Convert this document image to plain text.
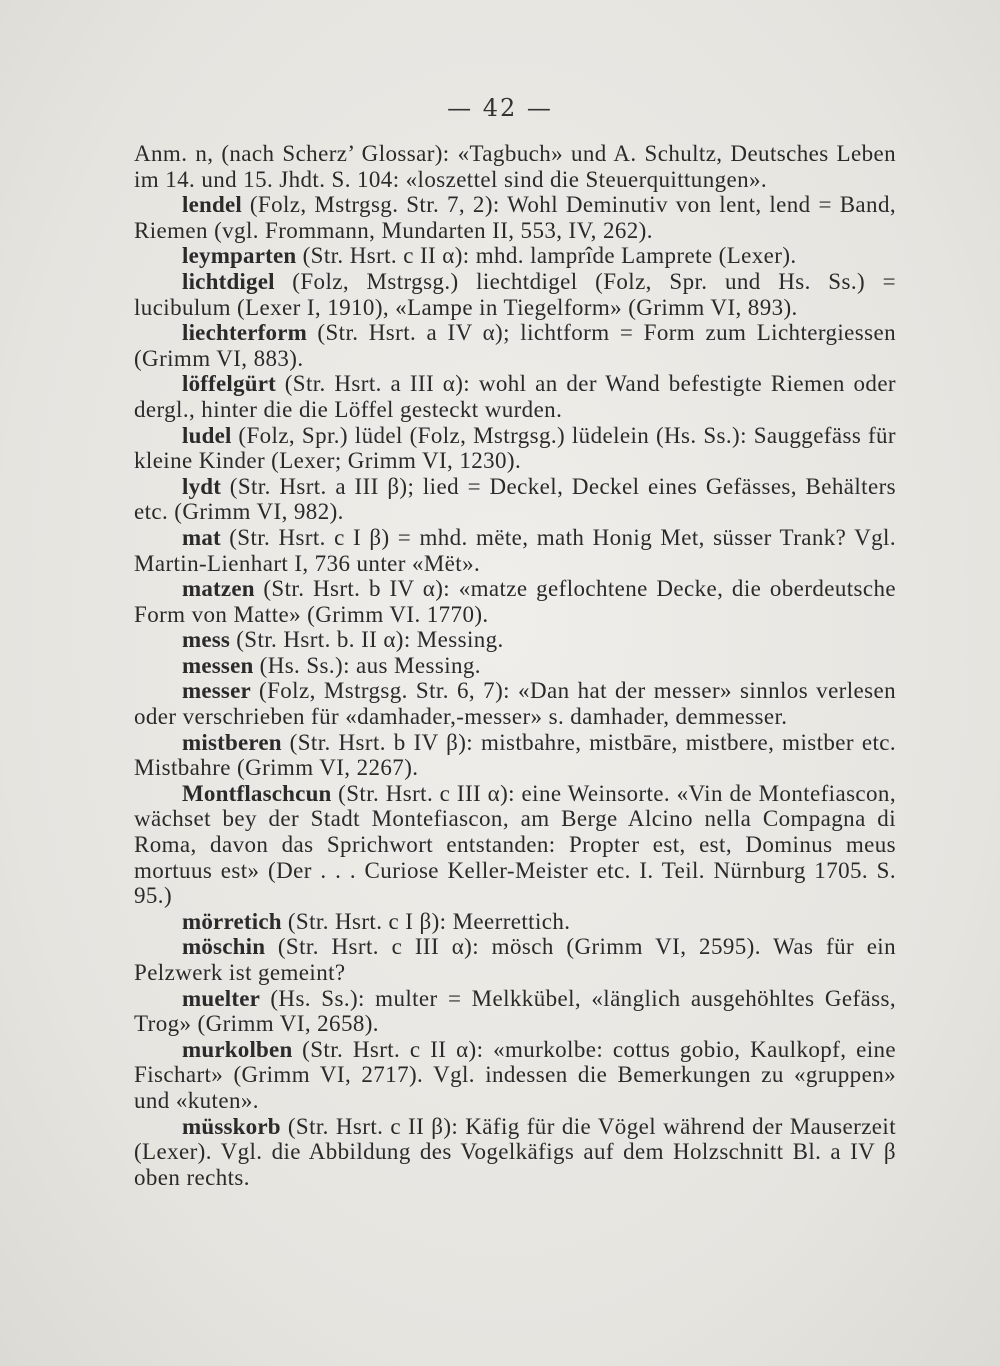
— 42 —

Anm. n, (nach Scherz’ Glossar): «Tagbuch» und A. Schultz, Deutsches Leben im 14. und 15. Jhdt. S. 104: «loszettel sind die Steuerquittungen».

lendel (Folz, Mstrgsg. Str. 7, 2): Wohl Deminutiv von lent, lend = Band, Riemen (vgl. Frommann, Mundarten II, 553, IV, 262).

leymparten (Str. Hsrt. c II α): mhd. lamprîde Lamprete (Lexer).

lichtdigel (Folz, Mstrgsg.) liechtdigel (Folz, Spr. und Hs. Ss.) = lucibulum (Lexer I, 1910), «Lampe in Tiegelform» (Grimm VI, 893).

liechterform (Str. Hsrt. a IV α); lichtform = Form zum Lichtergiessen (Grimm VI, 883).

löffelgürt (Str. Hsrt. a III α): wohl an der Wand befestigte Riemen oder dergl., hinter die die Löffel gesteckt wurden.

ludel (Folz, Spr.) lüdel (Folz, Mstrgsg.) lüdelein (Hs. Ss.): Sauggefäss für kleine Kinder (Lexer; Grimm VI, 1230).

lydt (Str. Hsrt. a III β); lied = Deckel, Deckel eines Gefässes, Behälters etc. (Grimm VI, 982).

mat (Str. Hsrt. c I β) = mhd. mëte, math Honig Met, süsser Trank? Vgl. Martin-Lienhart I, 736 unter «Mët».

matzen (Str. Hsrt. b IV α): «matze geflochtene Decke, die oberdeutsche Form von Matte» (Grimm VI. 1770).

mess (Str. Hsrt. b. II α): Messing.

messen (Hs. Ss.): aus Messing.

messer (Folz, Mstrgsg. Str. 6, 7): «Dan hat der messer» sinnlos verlesen oder verschrieben für «damhader,-messer» s. damhader, demmesser.

mistberen (Str. Hsrt. b IV β): mistbahre, mistbāre, mistbere, mistber etc. Mistbahre (Grimm VI, 2267).

Montflaschcun (Str. Hsrt. c III α): eine Weinsorte. «Vin de Montefiascon, wächset bey der Stadt Montefiascon, am Berge Alcino nella Compagna di Roma, davon das Sprichwort entstanden: Propter est, est, Dominus meus mortuus est» (Der . . . Curiose Keller-Meister etc. I. Teil. Nürnburg 1705. S. 95.)

mörretich (Str. Hsrt. c I β): Meerrettich.

möschin (Str. Hsrt. c III α): mösch (Grimm VI, 2595). Was für ein Pelzwerk ist gemeint?

muelter (Hs. Ss.): multer = Melkkübel, «länglich ausgehöhltes Gefäss, Trog» (Grimm VI, 2658).

murkolben (Str. Hsrt. c II α): «murkolbe: cottus gobio, Kaulkopf, eine Fischart» (Grimm VI, 2717). Vgl. indessen die Bemerkungen zu «gruppen» und «kuten».

müsskorb (Str. Hsrt. c II β): Käfig für die Vögel während der Mauserzeit (Lexer). Vgl. die Abbildung des Vogelkäfigs auf dem Holzschnitt Bl. a IV β oben rechts.
